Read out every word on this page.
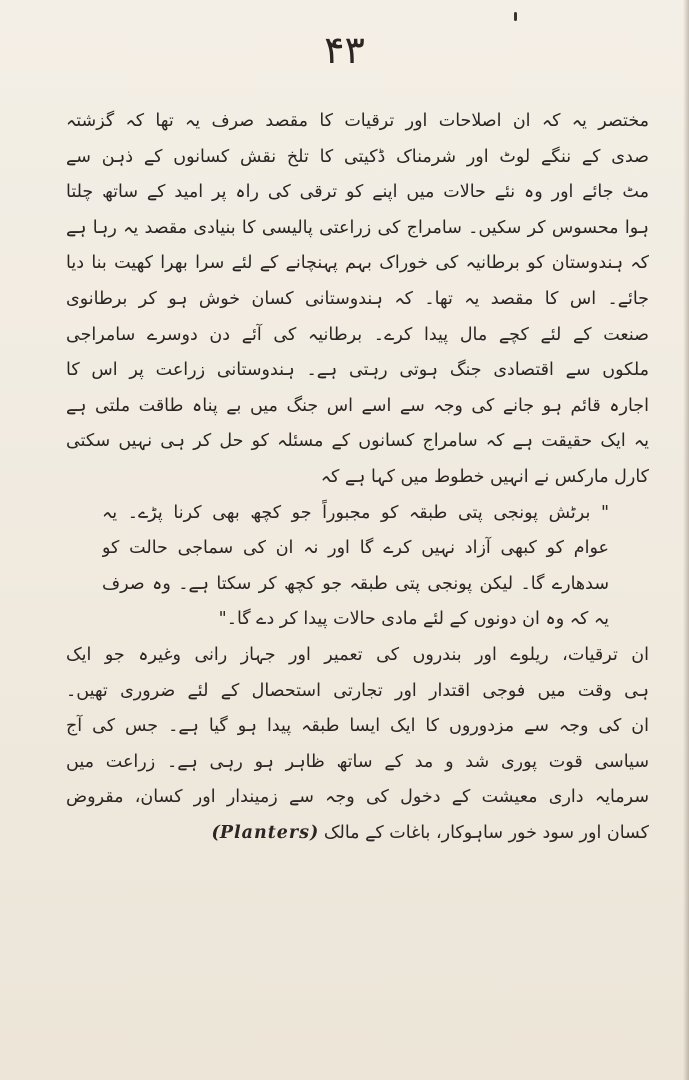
۴۳
مختصر یہ کہ ان اصلاحات اور ترقیات کا مقصد صرف یہ تھا کہ گزشتہ
صدی کے ننگے لوٹ اور شرمناک ڈکیتی کا تلخ نقش کسانوں کے ذہن سے
مٹ جائے اور وہ نئے حالات میں اپنے کو ترقی کی راہ پر امید کے ساتھ چلتا
ہوا محسوس کر سکیں۔ سامراج کی زراعتی پالیسی کا بنیادی مقصد یہ رہا ہے
کہ ہندوستان کو برطانیہ کی خوراک بہم پہنچانے کے لئے سرا بھرا کھیت بنا دیا
جائے۔ اس کا مقصد یہ تھا۔ کہ ہندوستانی کسان خوش ہو کر برطانوی
صنعت کے لئے کچے مال پیدا کرے۔ برطانیہ کی آئے دن دوسرے سامراجی
ملکوں سے اقتصادی جنگ ہوتی رہتی ہے۔ ہندوستانی زراعت پر اس کا
اجارہ قائم ہو جانے کی وجہ سے اسے اس جنگ میں بے پناہ طاقت ملتی ہے
یہ ایک حقیقت ہے کہ سامراج کسانوں کے مسئلہ کو حل کر ہی نہیں سکتی
کارل مارکس نے انہیں خطوط میں کہا ہے کہ
" برٹش پونجی پتی طبقہ کو مجبوراً جو کچھ بھی کرنا پڑے۔ یہ
عوام کو کبھی آزاد نہیں کرے گا اور نہ ان کی سماجی حالت کو
سدھارے گا۔ لیکن پونجی پتی طبقہ جو کچھ کر سکتا ہے۔ وہ صرف
یہ کہ وہ ان دونوں کے لئے مادی حالات پیدا کر دے گا۔"
ان ترقیات، ریلوے اور بندروں کی تعمیر اور جہاز رانی وغیرہ جو ایک
ہی وقت میں فوجی اقتدار اور تجارتی استحصال کے لئے ضروری تھیں۔
ان کی وجہ سے مزدوروں کا ایک ایسا طبقہ پیدا ہو گیا ہے۔ جس کی آج
سیاسی قوت پوری شد و مد کے ساتھ ظاہر ہو رہی ہے۔ زراعت میں
سرمایہ داری معیشت کے دخول کی وجہ سے زمیندار اور کسان، مقروض
کسان اور سود خور ساہوکار، باغات کے مالک (Planters)
